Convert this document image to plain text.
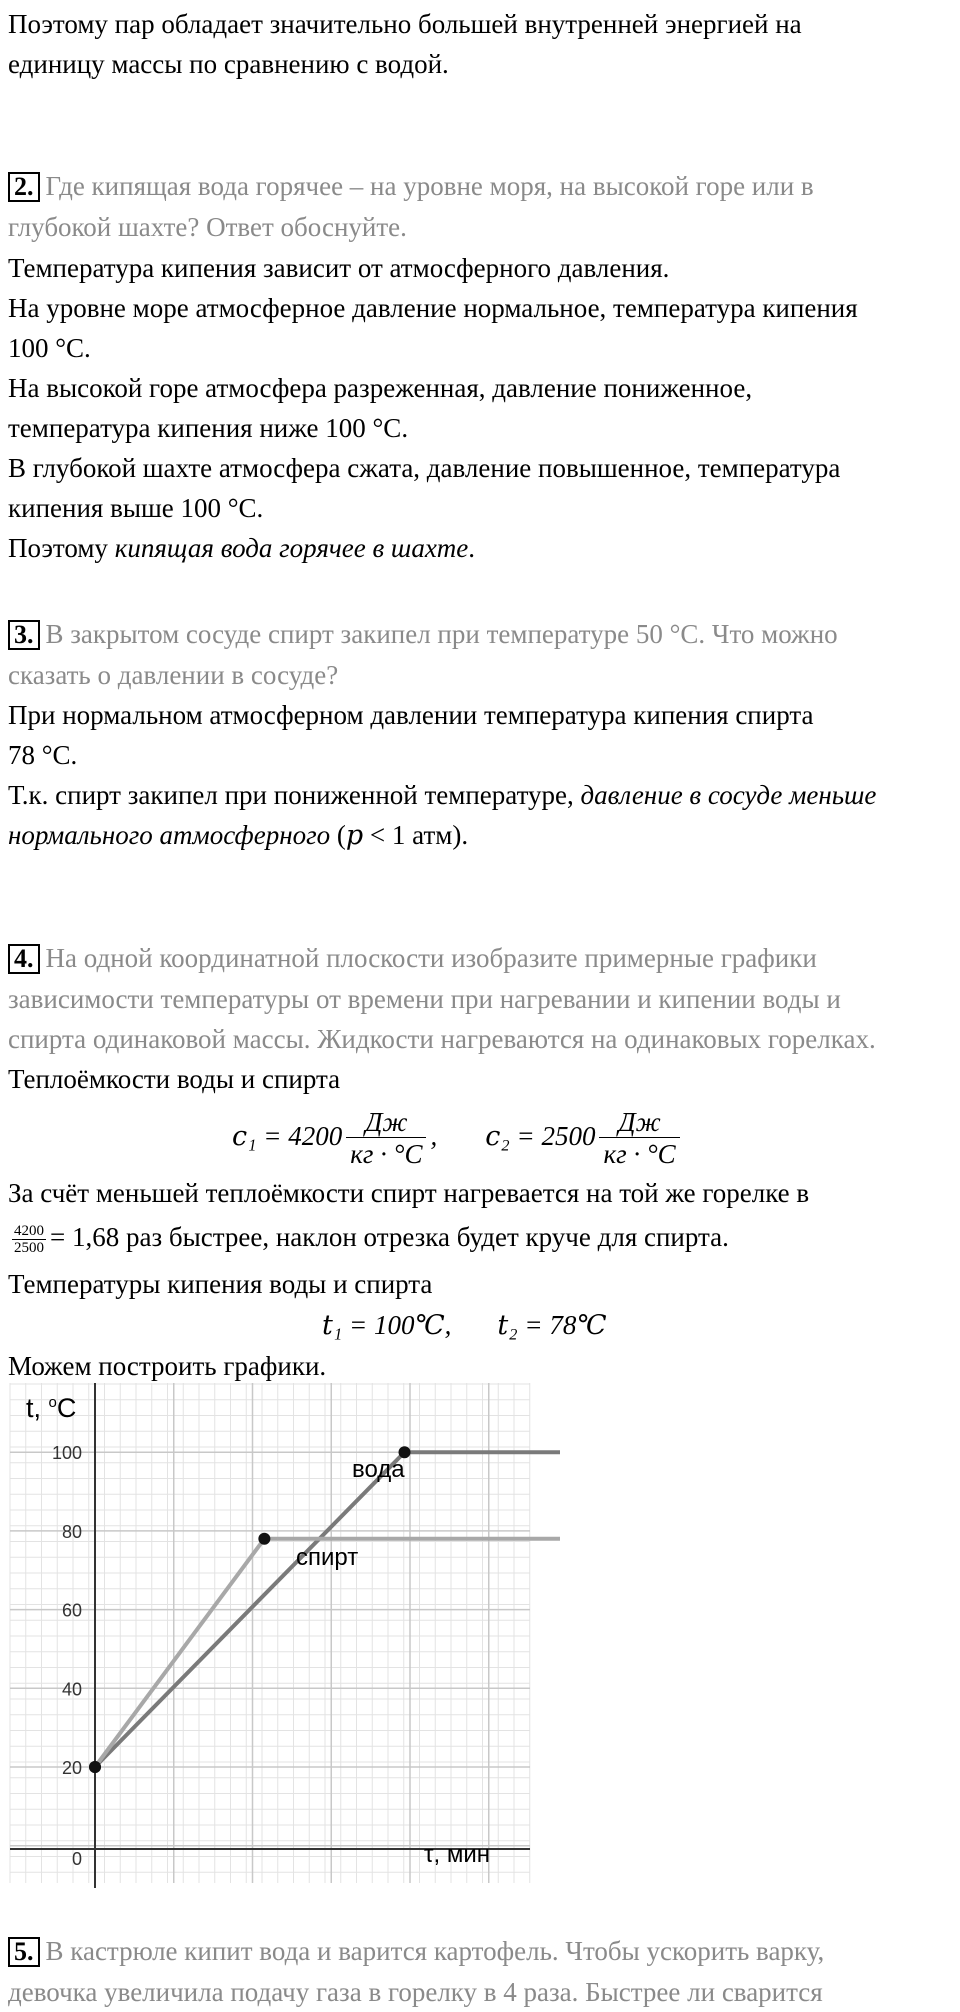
Поэтому пар обладает значительно большей внутренней энергией на
единицу массы по сравнению с водой.
2. Где кипящая вода горячее – на уровне моря, на высокой горе или в
глубокой шахте? Ответ обоснуйте.
Температура кипения зависит от атмосферного давления.
На уровне море атмосферное давление нормальное, температура кипения
100 °С.
На высокой горе атмосфера разреженная, давление пониженное,
температура кипения ниже 100 °С.
В глубокой шахте атмосфера сжата, давление повышенное, температура
кипения выше 100 °С.
Поэтому кипящая вода горячее в шахте.
3. В закрытом сосуде спирт закипел при температуре 50 °С. Что можно
сказать о давлении в сосуде?
При нормальном атмосферном давлении температура кипения спирта
78 °С.
Т.к. спирт закипел при пониженной температуре, давление в сосуде меньше
нормального атмосферного (𝑝 < 1 атм).
4. На одной координатной плоскости изобразите примерные графики
зависимости температуры от времени при нагревании и кипении воды и
спирта одинаковой массы. Жидкости нагреваются на одинаковых горелках.
Теплоёмкости воды и спирта
𝑐₁ = $4200 \frac{Дж}{кг \cdot ^\circ С}$ , 𝑐₂ = $2500 \frac{Дж}{кг \cdot ^\circ С}$
За счёт меньшей теплоёмкости спирт нагревается на той же горелке в
$\frac{4200}{2500} = 1,68$ раз быстрее, наклон отрезка будет круче для спирта.
Температуры кипения воды и спирта
𝑡₁ = 100℃, 𝑡₂ = 78℃
Можем построить графики.
0
20
40
60
80
100
t, $^о$С
τ, мин
вода
спирт
5. В кастрюле кипит вода и варится картофель. Чтобы ускорить варку,
девочка увеличила подачу газа в горелку в 4 раза. Быстрее ли сварится
